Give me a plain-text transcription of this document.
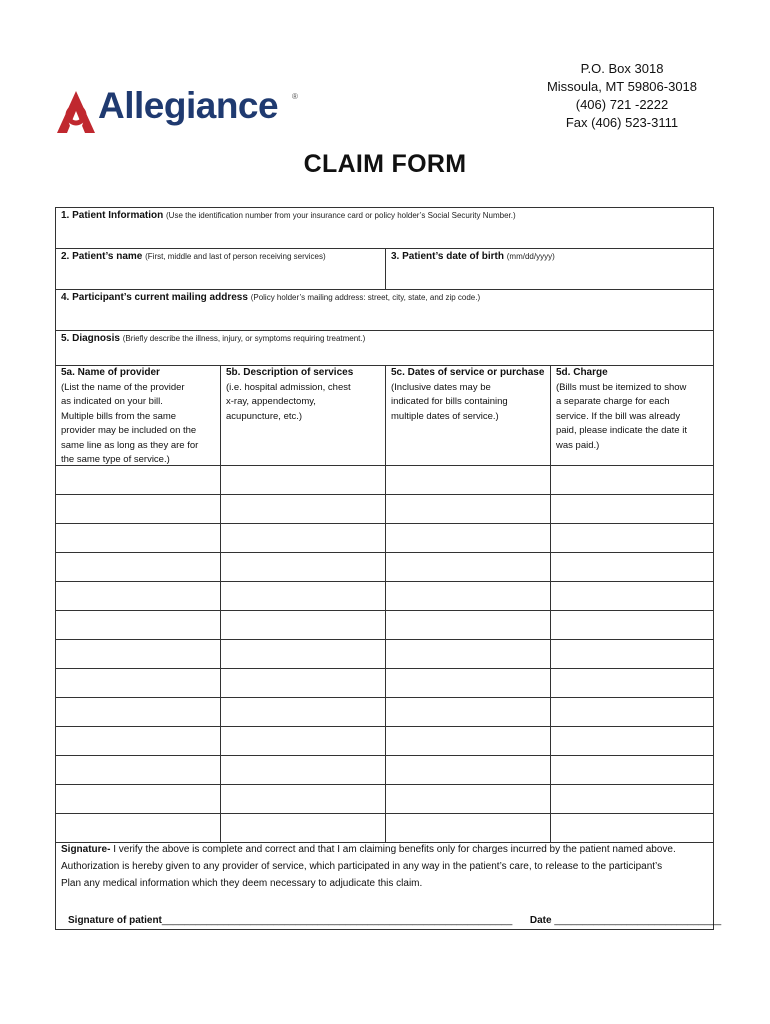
Allegiance ®
P.O. Box 3018
Missoula, MT 59806-3018
(406) 721 -2222
Fax (406) 523-3111
CLAIM FORM
1. Patient Information (Use the identification number from your insurance card or policy holder’s Social Security Number.)
2. Patient’s name (First, middle and last of person receiving services)	3. Patient’s date of birth (mm/dd/yyyy)
4. Participant’s current mailing address (Policy holder’s mailing address: street, city, state, and zip code.)
5. Diagnosis (Briefly describe the illness, injury, or symptoms requiring treatment.)
5a. Name of provider
(List the name of the provider
as indicated on your bill.
Multiple bills from the same
provider may be included on the
same line as long as they are for
the same type of service.)
5b. Description of services
(i.e. hospital admission, chest
x-ray, appendectomy,
acupuncture, etc.)
5c. Dates of service or purchase
(Inclusive dates may be
indicated for bills containing
multiple dates of service.)
5d. Charge
(Bills must be itemized to show
a separate charge for each
service. If the bill was already
paid, please indicate the date it
was paid.)
Signature- I verify the above is complete and correct and that I am claiming benefits only for charges incurred by the patient named above.
Authorization is hereby given to any provider of service, which participated in any way in the patient’s care, to release to the participant’s
Plan any medical information which they deem necessary to adjudicate this claim.
Signature of patient_______________________________________________________________ Date ______________________________
